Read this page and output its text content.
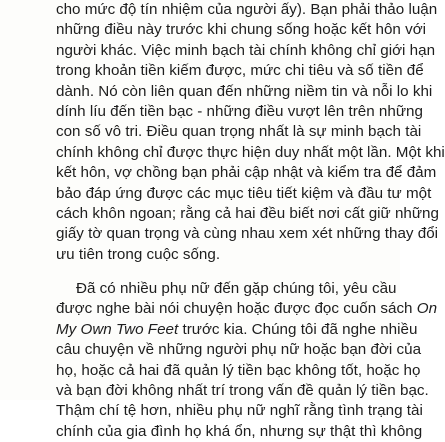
cho mức độ tín nhiệm của người ấy). Bạn phải thảo luận
những điều này trước khi chung sống hoặc kết hôn với
người khác. Việc minh bạch tài chính không chỉ giới hạn
trong khoản tiền kiếm được, mức chi tiêu và số tiền để
dành. Nó còn liên quan đến những niềm tin và nỗi lo khi
dính líu đến tiền bạc - những điều vượt lên trên những
con số vô tri. Điều quan trọng nhất là sự minh bạch tài
chính không chỉ được thực hiện duy nhất một lần. Một khi
kết hôn, vợ chồng bạn phải cập nhật và kiểm tra để đảm
bảo đáp ứng được các mục tiêu tiết kiệm và đầu tư một
cách khôn ngoan; rằng cả hai đều biết nơi cất giữ những
giấy tờ quan trọng và cùng nhau xem xét những thay đổi
ưu tiên trong cuộc sống.
Đã có nhiều phụ nữ đến gặp chúng tôi, yêu cầu
được nghe bài nói chuyện hoặc được đọc cuốn sách On
My Own Two Feet trước kia. Chúng tôi đã nghe nhiều
câu chuyện về những người phụ nữ hoặc bạn đời của
họ, hoặc cả hai đã quản lý tiền bạc không tốt, hoặc họ
và bạn đời không nhất trí trong vấn đề quản lý tiền bạc.
Thậm chí tệ hơn, nhiều phụ nữ nghĩ rằng tình trạng tài
chính của gia đình họ khá ổn, nhưng sự thật thì không
